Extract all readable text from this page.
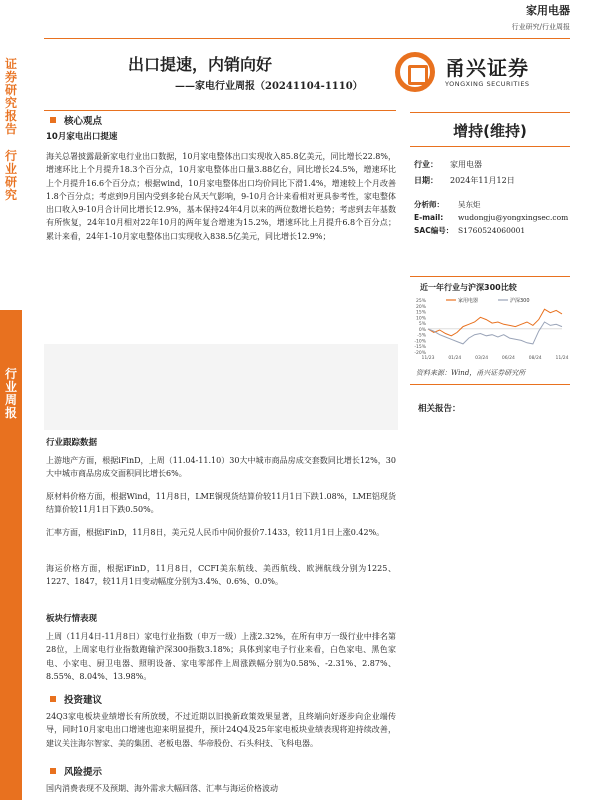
证券研究报告
行业研究
行业周报
家用电器
行业研究/行业周报
出口提速，内销向好
——家电行业周报（20241104-1110）
甬兴证券
YONGXING SECURITIES
核心观点
10月家电出口提速
海关总署披露最新家电行业出口数据，10月家电整体出口实现收入85.8亿美元，同比增长22.8%，增速环比上个月提升18.3个百分点，10月家电整体出口量3.88亿台，同比增长24.5%，增速环比上个月提升16.6个百分点；根据wind，10月家电整体出口均价同比下滑1.4%，增速较上个月改善1.8个百分点；考虑到9月国内受到多轮台风天气影响，9-10月合计来看相对更具参考性，家电整体出口收入9-10月合计同比增长12.9%，基本保持24年4月以来的两位数增长趋势；考虑到去年基数有所恢复，24年10月相对22年10月的两年复合增速为15.2%，增速环比上月提升6.8个百分点；累计来看，24年1-10月家电整体出口实现收入838.5亿美元，同比增长12.9%；
行业跟踪数据
上游地产方面，根据iFinD，上周（11.04-11.10）30大中城市商品房成交套数同比增长12%，30大中城市商品房成交面积同比增长6%。
原材料价格方面，根据Wind，11月8日，LME铜现货结算价较11月1日下跌1.08%，LME铝现货结算价较11月1日下跌0.50%。
汇率方面，根据iFinD，11月8日，美元兑人民币中间价报价7.1433，较11月1日上涨0.42%。
海运价格方面，根据iFinD，11月8日，CCFI美东航线、美西航线、欧洲航线分别为1225、1227、1847，较11月1日变动幅度分别为3.4%、0.6%、0.0%。
板块行情表现
上周（11月4日-11月8日）家电行业指数（申万一级）上涨2.32%，在所有申万一级行业中排名第28位，上周家电行业指数跑输沪深300指数3.18%；具体到家电子行业来看，白色家电、黑色家电、小家电、厨卫电器、照明设备、家电零部件上周涨跌幅分别为0.58%、-2.31%、2.87%、8.55%、8.04%、13.98%。
投资建议
24Q3家电板块业绩增长有所放缓，不过近期以旧换新政策效果显著，且终端向好逐步向企业端传导，同时10月家电出口增速也迎来明显提升，预计24Q4及25年家电板块业绩表现将迎持续改善，建议关注海尔智家、美的集团、老板电器、华帝股份、石头科技、飞科电器。
风险提示
国内消费表现不及预期、海外需求大幅回落、汇率与海运价格波动
增持(维持)
行业： 家用电器
日期： 2024年11月12日
分析师： 吴东炬
E-mail: wudongju@yongxingsec.com
SAC编号： S1760524060001
近一年行业与沪深300比较
25%
20%
15%
10%
5%
0%
-5%
-10%
-15%
-20%
11/23	01/24	03/24	06/24	08/24	11/24
家用电器	沪深300
资料来源：Wind，甬兴证券研究所
相关报告：
